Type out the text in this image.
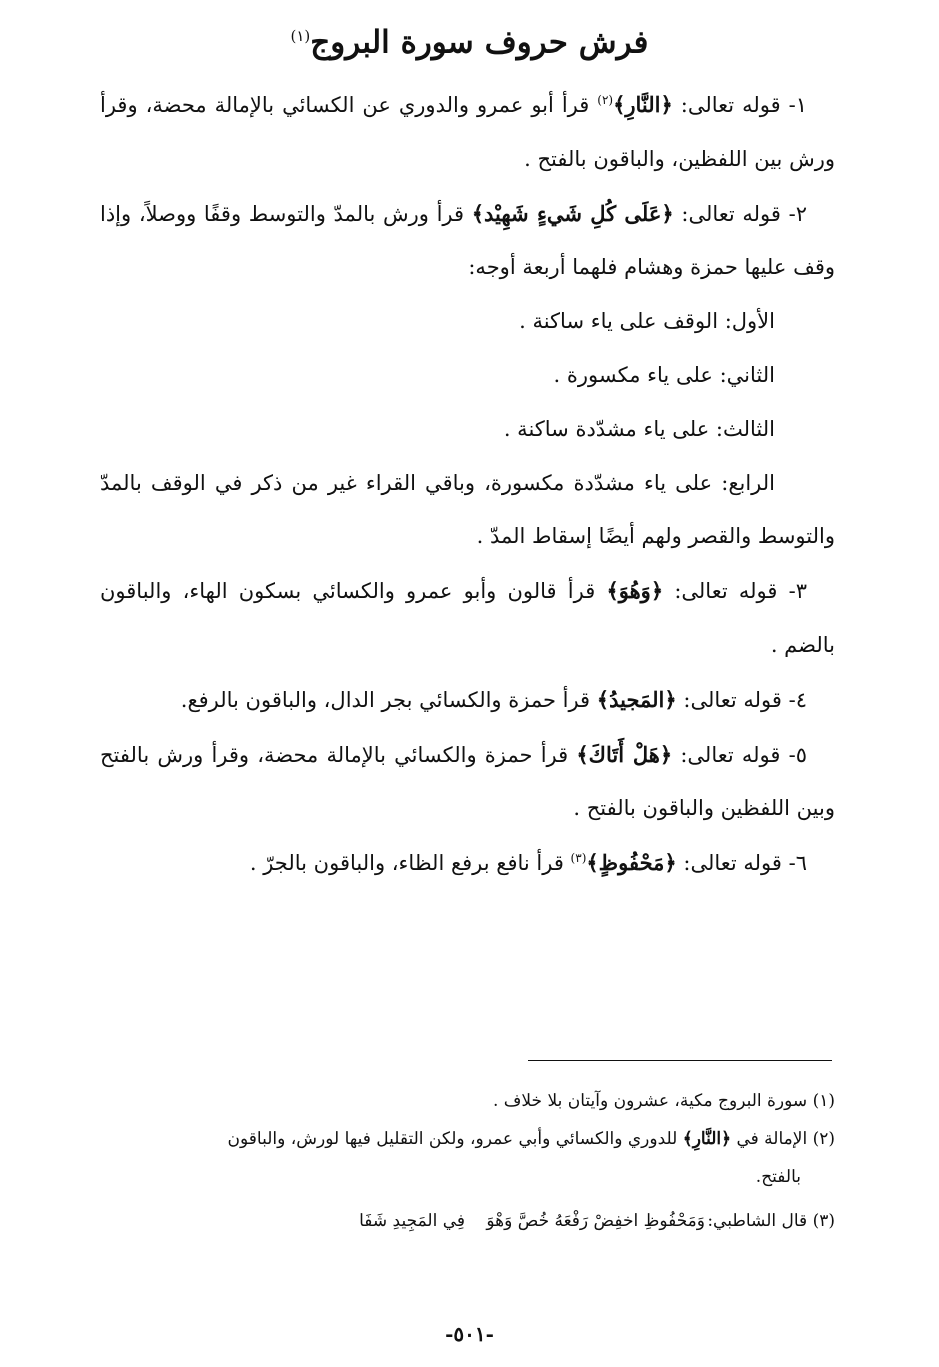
فرش حروف سورة البروج$^{(١)}$

١- قوله تعالى: ﴿النَّارِ﴾$^{(٢)}$ قرأ أبو عمرو والدوري عن الكسائي بالإمالة محضة، وقرأ ورش بين اللفظين، والباقون بالفتح .

٢- قوله تعالى: ﴿عَلَى كُلِ شَيءٍ شَهِيْد﴾ قرأ ورش بالمدّ والتوسط وقفًا ووصلاً، وإذا وقف عليها حمزة وهشام فلهما أربعة أوجه:

الأول: الوقف على ياء ساكنة .

الثاني: على ياء مكسورة .

الثالث: على ياء مشدّدة ساكنة .

الرابع: على ياء مشدّدة مكسورة، وباقي القراء غير من ذكر في الوقف بالمدّ والتوسط والقصر ولهم أيضًا إسقاط المدّ .

٣- قوله تعالى: ﴿وَهُوَ﴾ قرأ قالون وأبو عمرو والكسائي بسكون الهاء، والباقون بالضم .

٤- قوله تعالى: ﴿المَجيدُ﴾ قرأ حمزة والكسائي بجر الدال، والباقون بالرفع.

٥- قوله تعالى: ﴿هَلْ أَتَاكَ﴾ قرأ حمزة والكسائي بالإمالة محضة، وقرأ ورش بالفتح وبين اللفظين والباقون بالفتح .

٦- قوله تعالى: ﴿مَحْفُوظٍ﴾$^{(٣)}$ قرأ نافع برفع الظاء، والباقون بالجرّ .

(١) سورة البروج مكية، عشرون وآيتان بلا خلاف .

(٢) الإمالة في ﴿النَّارِ﴾ للدوري والكسائي وأبي عمرو، ولكن التقليل فيها لورش، والباقون

بالفتح.

(٣) قال الشاطبي:
وَمَحْفُوظِ اخفِضْ رَفْعَهُ خُصَّ وَهْوَ
فِي المَجِيدِ شَفَا
-٥٠١-
